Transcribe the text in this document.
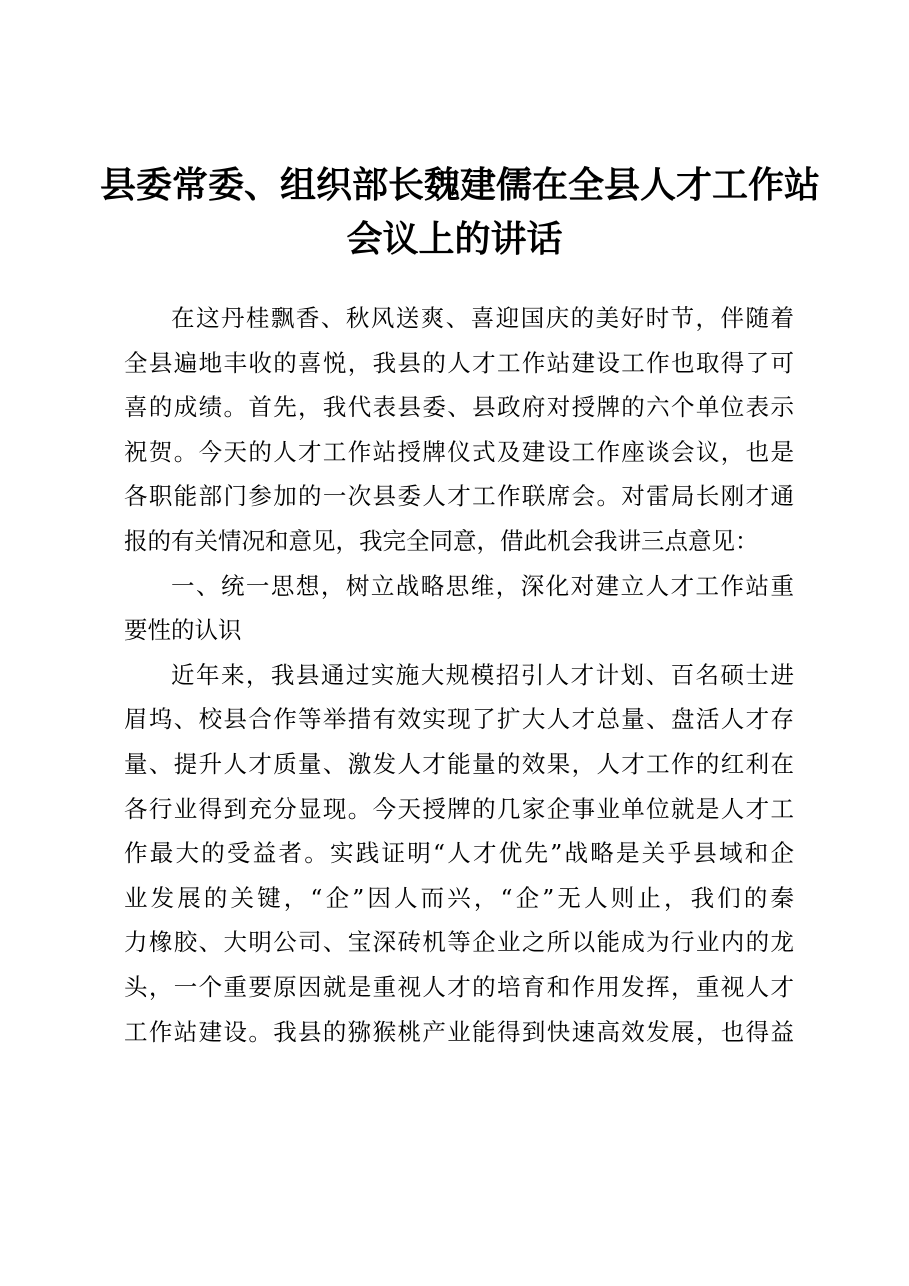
县委常委、组织部长魏建儒在全县人才工作站
会议上的讲话
在这丹桂飘香、秋风送爽、喜迎国庆的美好时节，伴随着
全县遍地丰收的喜悦，我县的人才工作站建设工作也取得了可
喜的成绩。首先，我代表县委、县政府对授牌的六个单位表示
祝贺。今天的人才工作站授牌仪式及建设工作座谈会议，也是
各职能部门参加的一次县委人才工作联席会。对雷局长刚才通
报的有关情况和意见，我完全同意，借此机会我讲三点意见：
一、统一思想，树立战略思维，深化对建立人才工作站重
要性的认识
近年来，我县通过实施大规模招引人才计划、百名硕士进
眉坞、校县合作等举措有效实现了扩大人才总量、盘活人才存
量、提升人才质量、激发人才能量的效果，人才工作的红利在
各行业得到充分显现。今天授牌的几家企事业单位就是人才工
作最大的受益者。实践证明“人才优先”战略是关乎县域和企
业发展的关键，“企”因人而兴，“企”无人则止，我们的秦
力橡胶、大明公司、宝深砖机等企业之所以能成为行业内的龙
头，一个重要原因就是重视人才的培育和作用发挥，重视人才
工作站建设。我县的猕猴桃产业能得到快速高效发展，也得益
